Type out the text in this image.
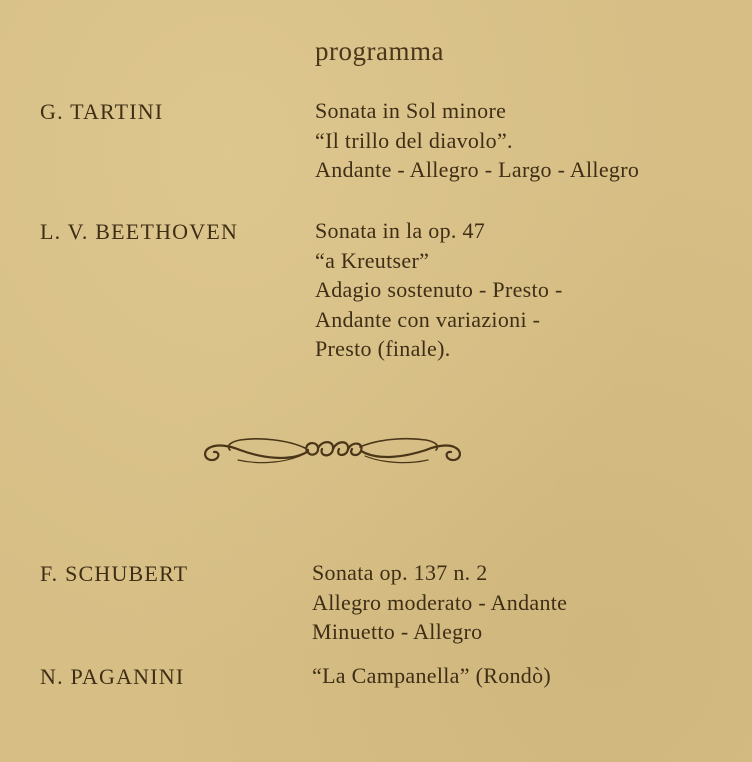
programma
G. TARTINI	Sonata in Sol minore
“Il trillo del diavolo”.
Andante - Allegro - Largo - Allegro
L. V. BEETHOVEN	Sonata in la op. 47
“a Kreutser”
Adagio sostenuto - Presto -
Andante con variazioni -
Presto (finale).
F. SCHUBERT	Sonata op. 137 n. 2
Allegro moderato - Andante
Minuetto - Allegro
N. PAGANINI	“La Campanella” (Rondò)
